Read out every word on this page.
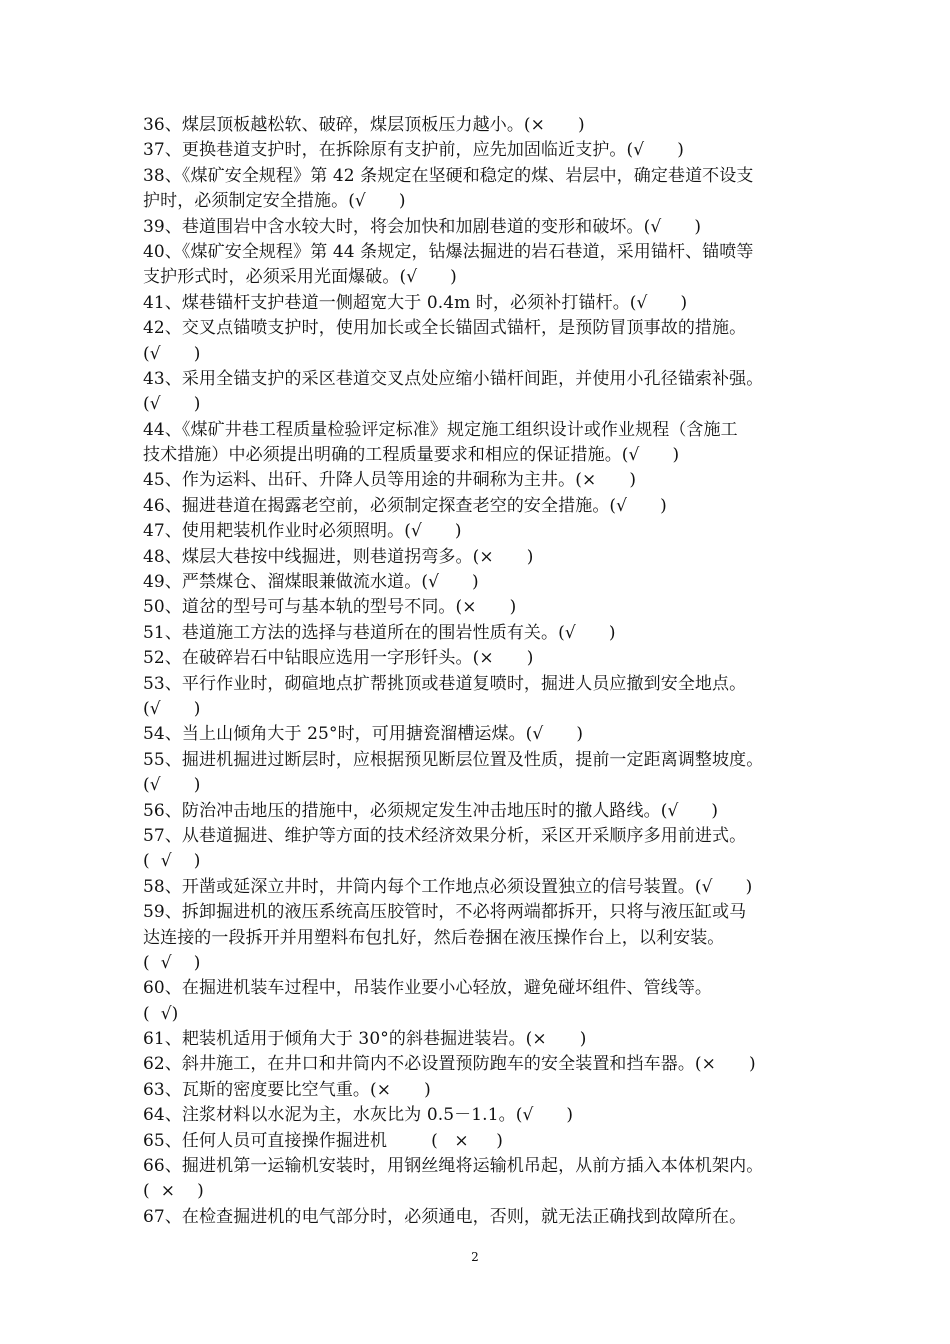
36、煤层顶板越松软、破碎，煤层顶板压力越小。(×      )
37、更换巷道支护时，在拆除原有支护前，应先加固临近支护。(√      )
38、《煤矿安全规程》第 42 条规定在坚硬和稳定的煤、岩层中，确定巷道不设支
护时，必须制定安全措施。(√      )
39、巷道围岩中含水较大时，将会加快和加剧巷道的变形和破坏。(√      )
40、《煤矿安全规程》第 44 条规定，钻爆法掘进的岩石巷道，采用锚杆、锚喷等
支护形式时，必须采用光面爆破。(√      )
41、煤巷锚杆支护巷道一侧超宽大于 0.4m 时，必须补打锚杆。(√      )
42、交叉点锚喷支护时，使用加长或全长锚固式锚杆，是预防冒顶事故的措施。
(√      )
43、采用全锚支护的采区巷道交叉点处应缩小锚杆间距，并使用小孔径锚索补强。
(√      )
44、《煤矿井巷工程质量检验评定标准》规定施工组织设计或作业规程（含施工
技术措施）中必须提出明确的工程质量要求和相应的保证措施。(√      )
45、作为运料、出矸、升降人员等用途的井硐称为主井。(×      )
46、掘进巷道在揭露老空前，必须制定探查老空的安全措施。(√      )
47、使用耙装机作业时必须照明。(√      )
48、煤层大巷按中线掘进，则巷道拐弯多。(×      )
49、严禁煤仓、溜煤眼兼做流水道。(√      )
50、道岔的型号可与基本轨的型号不同。(×      )
51、巷道施工方法的选择与巷道所在的围岩性质有关。(√      )
52、在破碎岩石中钻眼应选用一字形钎头。(×      )
53、平行作业时，砌碹地点扩帮挑顶或巷道复喷时，掘进人员应撤到安全地点。
(√      )
54、当上山倾角大于 25°时，可用搪瓷溜槽运煤。(√      )
55、掘进机掘进过断层时，应根据预见断层位置及性质，提前一定距离调整坡度。
(√      )
56、防治冲击地压的措施中，必须规定发生冲击地压时的撤人路线。(√      )
57、从巷道掘进、维护等方面的技术经济效果分析，采区开采顺序多用前进式。
(  √    )
58、开凿或延深立井时，井筒内每个工作地点必须设置独立的信号装置。(√      )
59、拆卸掘进机的液压系统高压胶管时，不必将两端都拆开，只将与液压缸或马
达连接的一段拆开并用塑料布包扎好，然后卷捆在液压操作台上，以利安装。
(  √    )
60、在掘进机装车过程中，吊装作业要小心轻放，避免碰坏组件、管线等。
(  √)
61、耙装机适用于倾角大于 30°的斜巷掘进装岩。(×      )
62、斜井施工，在井口和井筒内不必设置预防跑车的安全装置和挡车器。(×      )
63、瓦斯的密度要比空气重。(×      )
64、注浆材料以水泥为主，水灰比为 0.5－1.1。(√      )
65、任何人员可直接操作掘进机        (   ×     )
66、掘进机第一运输机安装时，用钢丝绳将运输机吊起，从前方插入本体机架内。
(  ×    )
67、在检查掘进机的电气部分时，必须通电，否则，就无法正确找到故障所在。
2
